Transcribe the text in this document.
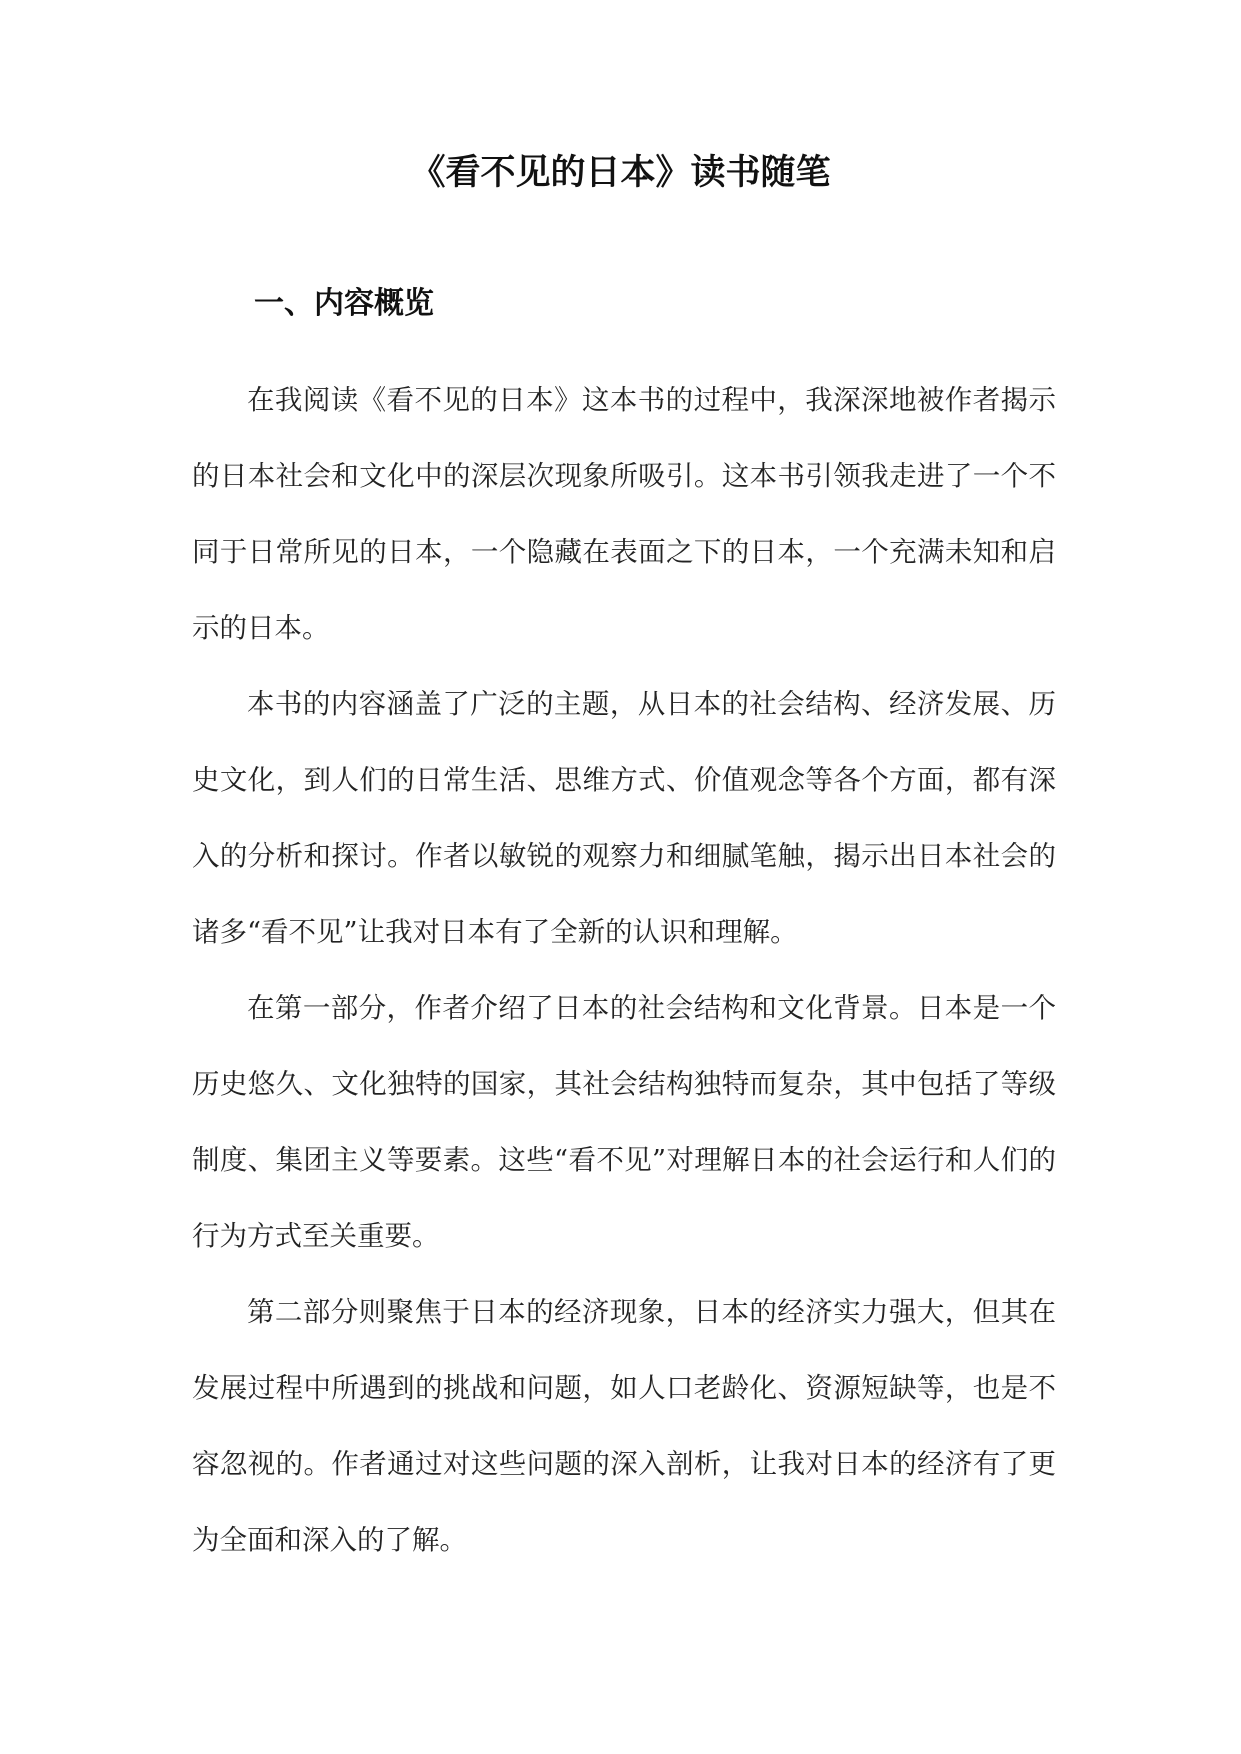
《看不见的日本》读书随笔
一、内容概览

在我阅读《看不见的日本》这本书的过程中，我深深地被作者揭示的日本社会和文化中的深层次现象所吸引。这本书引领我走进了一个不同于日常所见的日本，一个隐藏在表面之下的日本，一个充满未知和启示的日本。

本书的内容涵盖了广泛的主题，从日本的社会结构、经济发展、历史文化，到人们的日常生活、思维方式、价值观念等各个方面，都有深入的分析和探讨。作者以敏锐的观察力和细腻笔触，揭示出日本社会的诸多“看不见”让我对日本有了全新的认识和理解。

在第一部分，作者介绍了日本的社会结构和文化背景。日本是一个历史悠久、文化独特的国家，其社会结构独特而复杂，其中包括了等级制度、集团主义等要素。这些“看不见”对理解日本的社会运行和人们的行为方式至关重要。

第二部分则聚焦于日本的经济现象，日本的经济实力强大，但其在发展过程中所遇到的挑战和问题，如人口老龄化、资源短缺等，也是不容忽视的。作者通过对这些问题的深入剖析，让我对日本的经济有了更为全面和深入的了解。
